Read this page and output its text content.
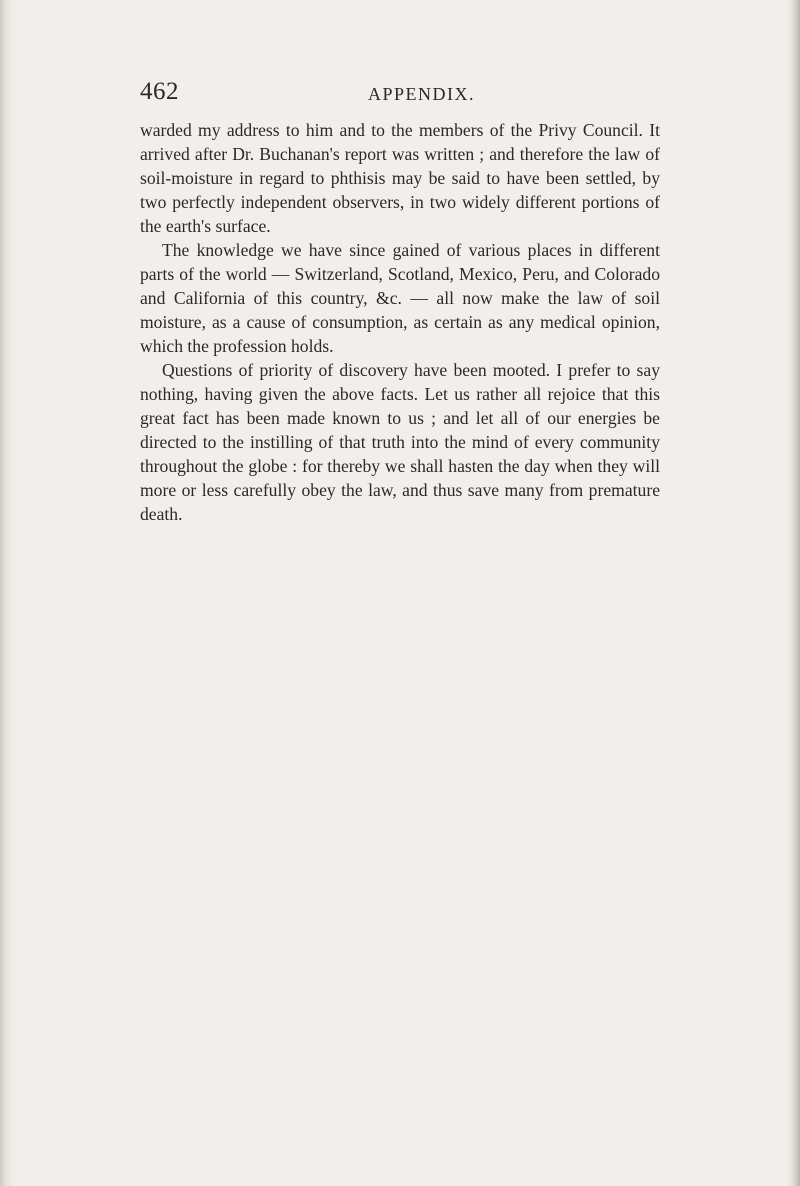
462	APPENDIX.

warded my address to him and to the members of the Privy Council. It arrived after Dr. Buchanan's report was written ; and therefore the law of soil-moisture in regard to phthisis may be said to have been settled, by two perfectly independent observers, in two widely different portions of the earth's surface.

The knowledge we have since gained of various places in different parts of the world — Switzerland, Scotland, Mexico, Peru, and Colorado and California of this country, &c. — all now make the law of soil moisture, as a cause of consumption, as certain as any medical opinion, which the profession holds.

Questions of priority of discovery have been mooted. I prefer to say nothing, having given the above facts. Let us rather all rejoice that this great fact has been made known to us ; and let all of our energies be directed to the instilling of that truth into the mind of every community throughout the globe : for thereby we shall hasten the day when they will more or less carefully obey the law, and thus save many from premature death.
